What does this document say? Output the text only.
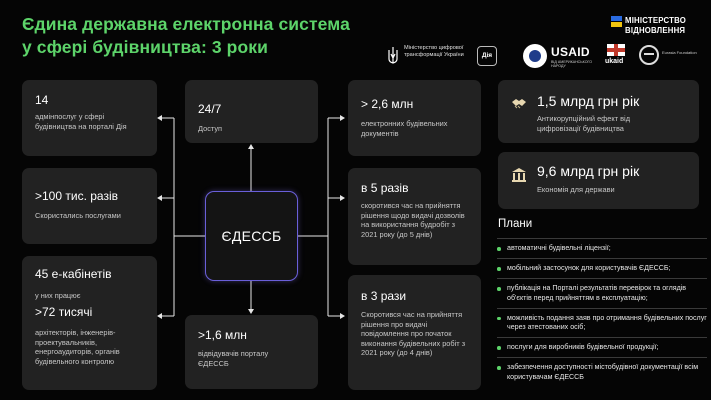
Єдина державна електронна система
у сфері будівництва: 3 роки
МІНІСТЕРСТВО
ВІДНОВЛЕННЯ
Міністерство цифрової трансформації України	Дія	USAID
ВІД АМЕРИКАНСЬКОГО НАРОДУ
ukaid
Eurasia Foundation
14
адмінпослуг у сфері будівництва на порталі Дія
>100 тис. разів
Скористались послугами
45 е-кабінетів
у них працює
>72 тисячі
архітекторів, інженерів-проектувальників, енергоаудиторів, органів будівельного контролю
24/7
Доступ
ЄДЕССБ
>1,6 млн
відвідувачів порталу ЄДЕССБ
> 2,6 млн
електронних будівельних документів
в 5 разів
скоротився час на прийняття рішення щодо видачі дозволів на використання будробіт з 2021 року (до 5 днів)
в 3 рази
Скоротився час на прийняття рішення про видачі повідомлення про початок виконання будівельних робіт з 2021 року (до 4 днів)
1,5 млрд грн рік
Антикорупційний ефект від цифровізації будівництва
9,6 млрд грн рік
Економія для держави
Плани
автоматичні будівельні ліцензії;
мобільний застосунок для користувачів ЄДЕССБ;
публікація на Порталі результатів перевірок та оглядів об'єктів перед прийняттям в експлуатацію;
можливість подання заяв про отримання будівельних послуг через атестованих осіб;
послуги для виробників будівельної продукції;
забезпечення доступності містобудівної документації всім користувачам ЄДЕССБ
